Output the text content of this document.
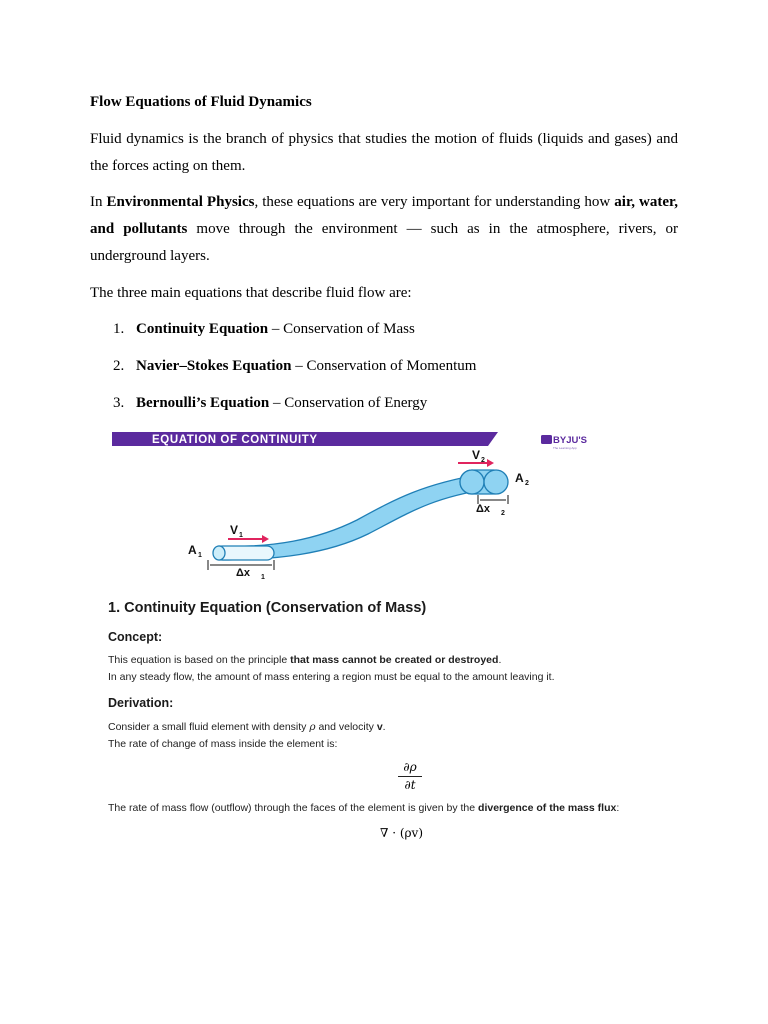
Flow Equations of Fluid Dynamics
Fluid dynamics is the branch of physics that studies the motion of fluids (liquids and gases) and the forces acting on them.
In Environmental Physics, these equations are very important for understanding how air, water, and pollutants move through the environment — such as in the atmosphere, rivers, or underground layers.
The three main equations that describe fluid flow are:
1. Continuity Equation – Conservation of Mass
2. Navier–Stokes Equation – Conservation of Momentum
3. Bernoulli’s Equation – Conservation of Energy
EQUATION OF CONTINUITY	BYJU'S
The Learning App
V 1
V 2
A 1
A 2
Δx 1
Δx 2
1. Continuity Equation (Conservation of Mass)
Concept:
This equation is based on the principle that mass cannot be created or destroyed.
In any steady flow, the amount of mass entering a region must be equal to the amount leaving it.
Derivation:
Consider a small fluid element with density ρ and velocity v.
The rate of change of mass inside the element is:
∂ρ
∂t
The rate of mass flow (outflow) through the faces of the element is given by the divergence of the mass flux:
∇ · (ρv)
